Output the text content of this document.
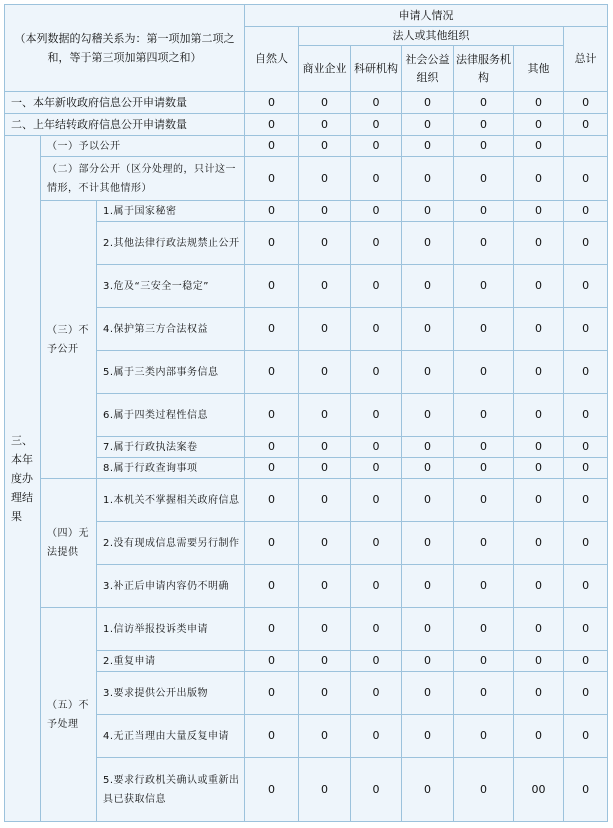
（本列数据的勾稽关系为：第一项加第二项之和，等于第三项加第四项之和）			申请人情况						
			自然人	法人或其他组织					总计
				商业企业	科研机构	社会公益组织	法律服务机构	其他	
一、本年新收政府信息公开申请数量			0	0	0	0	0	0	0
二、上年结转政府信息公开申请数量			0	0	0	0	0	0	0
三、本年度办理结果	（一）予以公开		0	0	0	0	0	0	
	（二）部分公开（区分处理的，只计这一情形，不计其他情形）		0	0	0	0	0	0	0
	（三）不予公开	1.属于国家秘密	0	0	0	0	0	0	0
		2.其他法律行政法规禁止公开	0	0	0	0	0	0	0
		3.危及“三安全一稳定”	0	0	0	0	0	0	0
		4.保护第三方合法权益	0	0	0	0	0	0	0
		5.属于三类内部事务信息	0	0	0	0	0	0	0
		6.属于四类过程性信息	0	0	0	0	0	0	0
		7.属于行政执法案卷	0	0	0	0	0	0	0
		8.属于行政查询事项	0	0	0	0	0	0	0
	（四）无法提供	1.本机关不掌握相关政府信息	0	0	0	0	0	0	0
		2.没有现成信息需要另行制作	0	0	0	0	0	0	0
		3.补正后申请内容仍不明确	0	0	0	0	0	0	0
	（五）不予处理	1.信访举报投诉类申请	0	0	0	0	0	0	0
		2.重复申请	0	0	0	0	0	0	0
		3.要求提供公开出版物	0	0	0	0	0	0	0
		4.无正当理由大量反复申请	0	0	0	0	0	0	0
		5.要求行政机关确认或重新出具已获取信息	0	0	0	0	0	00	0
